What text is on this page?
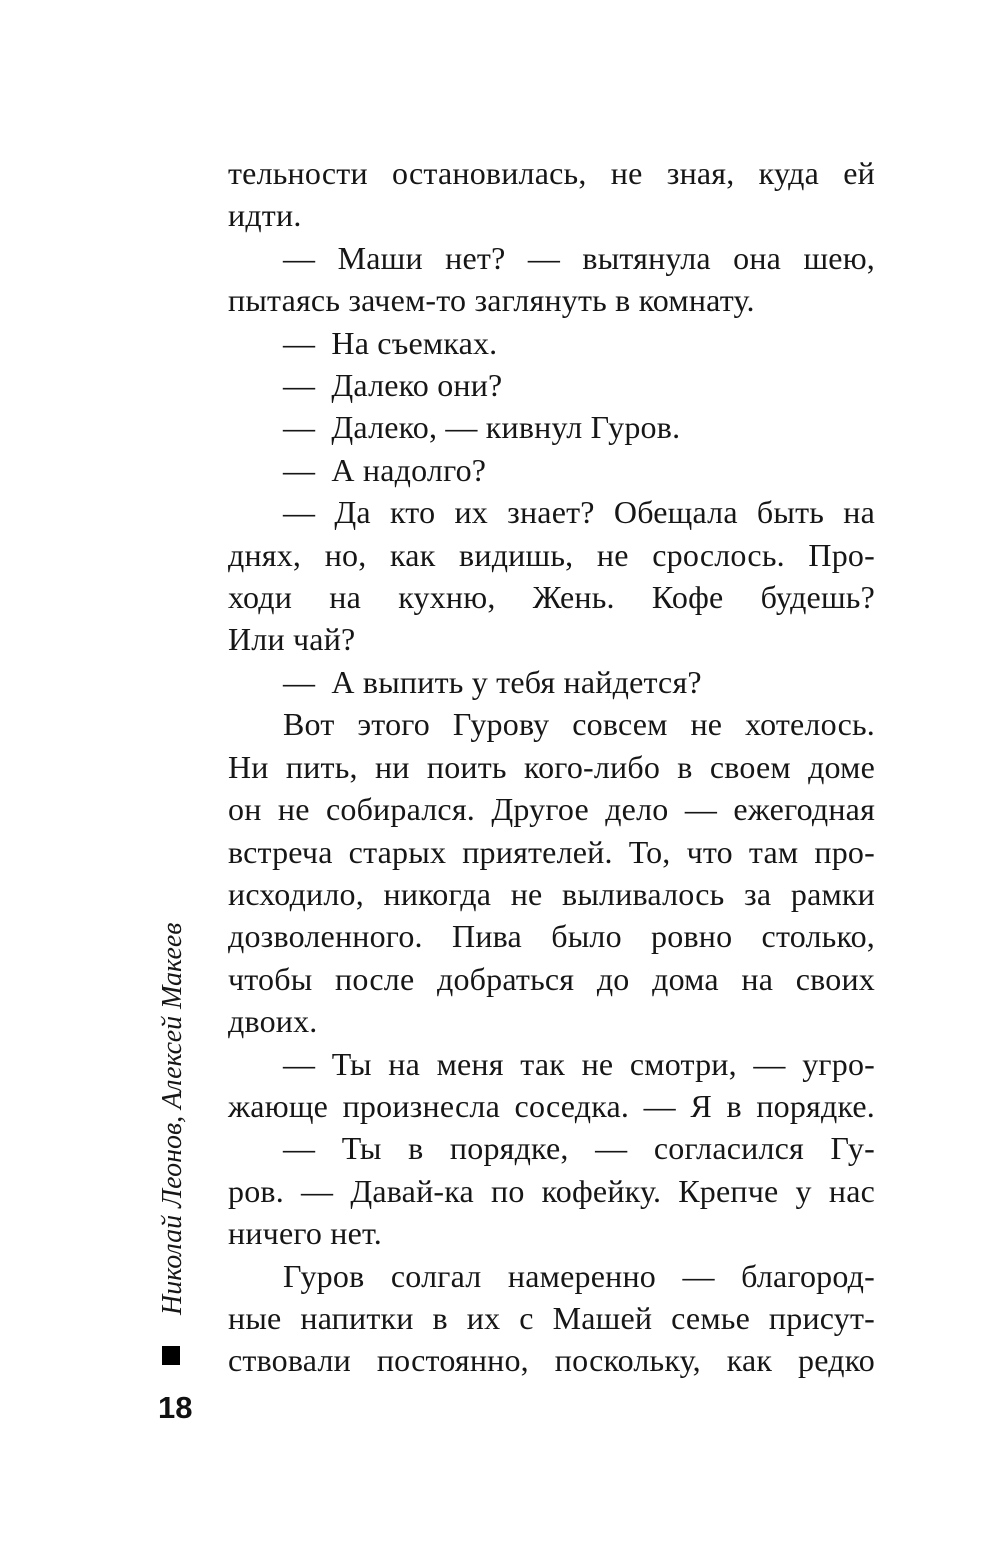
тельности остановилась, не зная, куда ей
идти.
— Маши нет? — вытянула она шею,
пытаясь зачем-то заглянуть в комнату.
— На съемках.
— Далеко они?
— Далеко, — кивнул Гуров.
— А надолго?
— Да кто их знает? Обещала быть на
днях, но, как видишь, не срослось. Про-
ходи на кухню, Жень. Кофе будешь?
Или чай?
— А выпить у тебя найдется?
Вот этого Гурову совсем не хотелось.
Ни пить, ни поить кого-либо в своем доме
он не собирался. Другое дело — ежегодная
встреча старых приятелей. То, что там про-
исходило, никогда не выливалось за рамки
дозволенного. Пива было ровно столько,
чтобы после добраться до дома на своих
двоих.
— Ты на меня так не смотри, — угро-
жающе произнесла соседка. — Я в порядке.
— Ты в порядке, — согласился Гу-
ров. — Давай-ка по кофейку. Крепче у нас
ничего нет.
Гуров солгал намеренно — благород-
ные напитки в их с Машей семье присут-
ствовали постоянно, поскольку, как редко
Николай Леонов, Алексей Макеев
18
